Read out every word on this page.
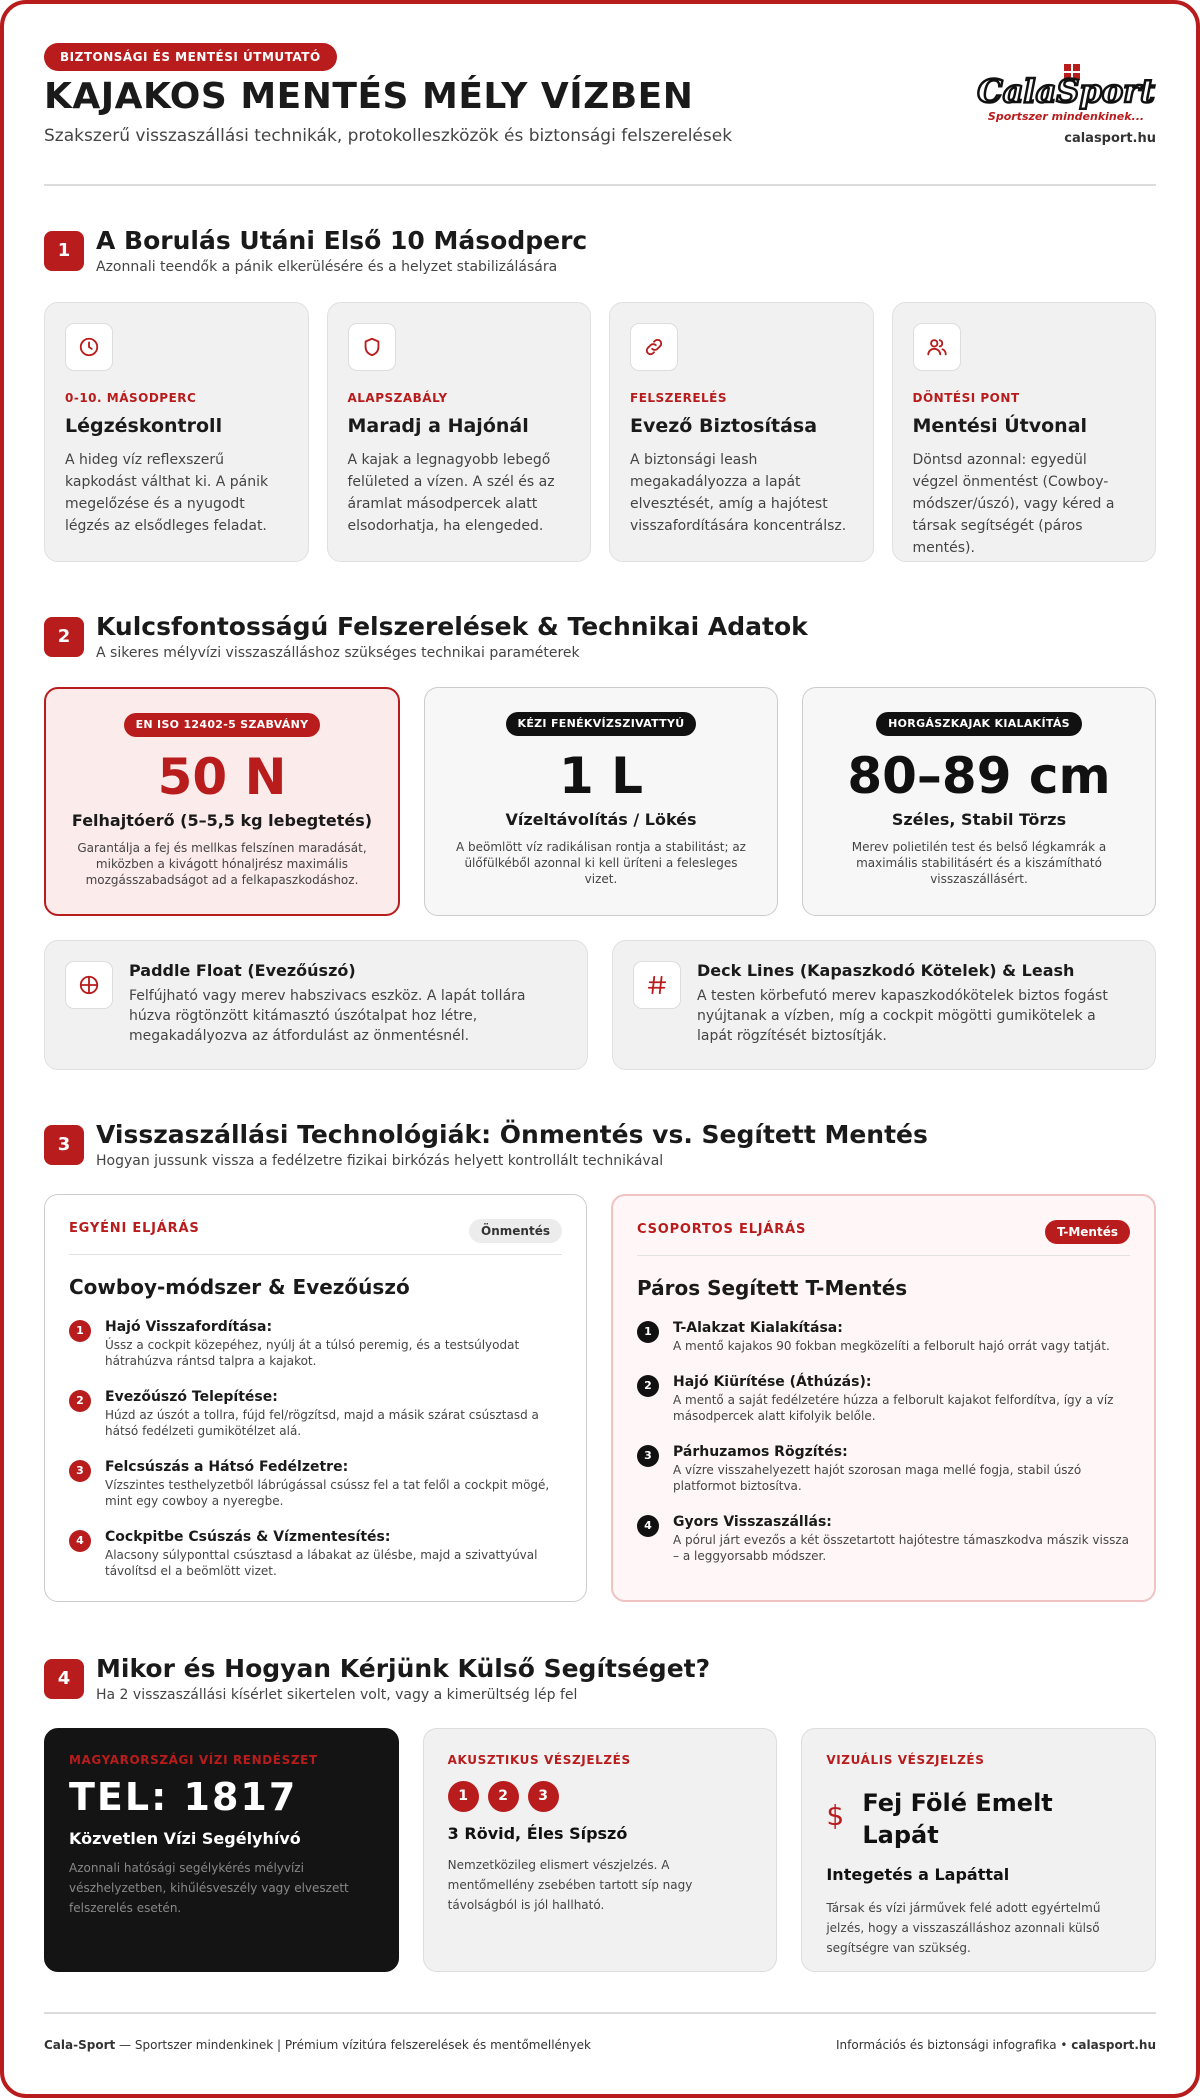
BIZTONSÁGI ÉS MENTÉSI ÚTMUTATÓ
KAJAKOS MENTÉS MÉLY VÍZBEN
Szakszerű visszaszállási technikák, protokolleszközök és biztonsági felszerelések
CalaSport
Sportszer mindenkinek...
calasport.hu
1	A Borulás Utáni Első 10 Másodperc
Azonnali teendők a pánik elkerülésére és a helyzet stabilizálására
0-10. MÁSODPERC
Légzéskontroll
A hideg víz reflexszerű kapkodást válthat ki. A pánik megelőzése és a nyugodt légzés az elsődleges feladat.
ALAPSZABÁLY
Maradj a Hajónál
A kajak a legnagyobb lebegő felületed a vízen. A szél és az áramlat másodpercek alatt elsodorhatja, ha elengeded.
FELSZERELÉS
Evező Biztosítása
A biztonsági leash megakadályozza a lapát elvesztését, amíg a hajótest visszafordítására koncentrálsz.
DÖNTÉSI PONT
Mentési Útvonal
Döntsd azonnal: egyedül végzel önmentést (Cowboy-módszer/úszó), vagy kéred a társak segítségét (páros mentés).
2	Kulcsfontosságú Felszerelések & Technikai Adatok
A sikeres mélyvízi visszaszálláshoz szükséges technikai paraméterek
EN ISO 12402-5 SZABVÁNY
50 N
Felhajtóerő (5–5,5 kg lebegtetés)
Garantálja a fej és mellkas felszínen maradását, miközben a kivágott hónaljrész maximális mozgásszabadságot ad a felkapaszkodáshoz.
KÉZI FENÉKVÍZSZIVATTYÚ
1 L
Vízeltávolítás / Lökés
A beömlött víz radikálisan rontja a stabilitást; az ülőfülkéből azonnal ki kell üríteni a felesleges vizet.
HORGÁSZKAJAK KIALAKÍTÁS
80–89 cm
Széles, Stabil Törzs
Merev polietilén test és belső légkamrák a maximális stabilitásért és a kiszámítható visszaszállásért.
Paddle Float (Evezőúszó)
Felfújható vagy merev habszivacs eszköz. A lapát tollára húzva rögtönzött kitámasztó úszótalpat hoz létre, megakadályozva az átfordulást az önmentésnél.
Deck Lines (Kapaszkodó Kötelek) & Leash
A testen körbefutó merev kapaszkodókötelek biztos fogást nyújtanak a vízben, míg a cockpit mögötti gumikötelek a lapát rögzítését biztosítják.
3	Visszaszállási Technológiák: Önmentés vs. Segített Mentés
Hogyan jussunk vissza a fedélzetre fizikai birkózás helyett kontrollált technikával
EGYÉNI ELJÁRÁS	Önmentés
Cowboy-módszer & Evezőúszó
1	Hajó Visszafordítása:
Ússz a cockpit közepéhez, nyúlj át a túlsó peremig, és a testsúlyodat hátrahúzva rántsd talpra a kajakot.
2	Evezőúszó Telepítése:
Húzd az úszót a tollra, fújd fel/rögzítsd, majd a másik szárat csúsztasd a hátsó fedélzeti gumikötélzet alá.
3	Felcsúszás a Hátsó Fedélzetre:
Vízszintes testhelyzetből lábrúgással csússz fel a tat felől a cockpit mögé, mint egy cowboy a nyeregbe.
4	Cockpitbe Csúszás & Vízmentesítés:
Alacsony súlyponttal csúsztasd a lábakat az ülésbe, majd a szivattyúval távolítsd el a beömlött vizet.
CSOPORTOS ELJÁRÁS	T-Mentés
Páros Segített T-Mentés
1	T-Alakzat Kialakítása:
A mentő kajakos 90 fokban megközelíti a felborult hajó orrát vagy tatját.
2	Hajó Kiürítése (Áthúzás):
A mentő a saját fedélzetére húzza a felborult kajakot felfordítva, így a víz másodpercek alatt kifolyik belőle.
3	Párhuzamos Rögzítés:
A vízre visszahelyezett hajót szorosan maga mellé fogja, stabil úszó platformot biztosítva.
4	Gyors Visszaszállás:
A pórul járt evezős a két összetartott hajótestre támaszkodva mászik vissza – a leggyorsabb módszer.
4	Mikor és Hogyan Kérjünk Külső Segítséget?
Ha 2 visszaszállási kísérlet sikertelen volt, vagy a kimerültség lép fel
MAGYARORSZÁGI VÍZI RENDÉSZET
TEL: 1817
Közvetlen Vízi Segélyhívó
Azonnali hatósági segélykérés mélyvízi vészhelyzetben, kihűlésveszély vagy elveszett felszerelés esetén.
AKUSZTIKUS VÉSZJELZÉS
1	2	3
3 Rövid, Éles Sípszó
Nemzetközileg elismert vészjelzés. A mentőmellény zsebében tartott síp nagy távolságból is jól hallható.
VIZUÁLIS VÉSZJELZÉS
$ Fej Fölé Emelt Lapát
Integetés a Lapáttal
Társak és vízi járművek felé adott egyértelmű jelzés, hogy a visszaszálláshoz azonnali külső segítségre van szükség.
Cala-Sport — Sportszer mindenkinek | Prémium vízitúra felszerelések és mentőmellények	Információs és biztonsági infografika • calasport.hu
